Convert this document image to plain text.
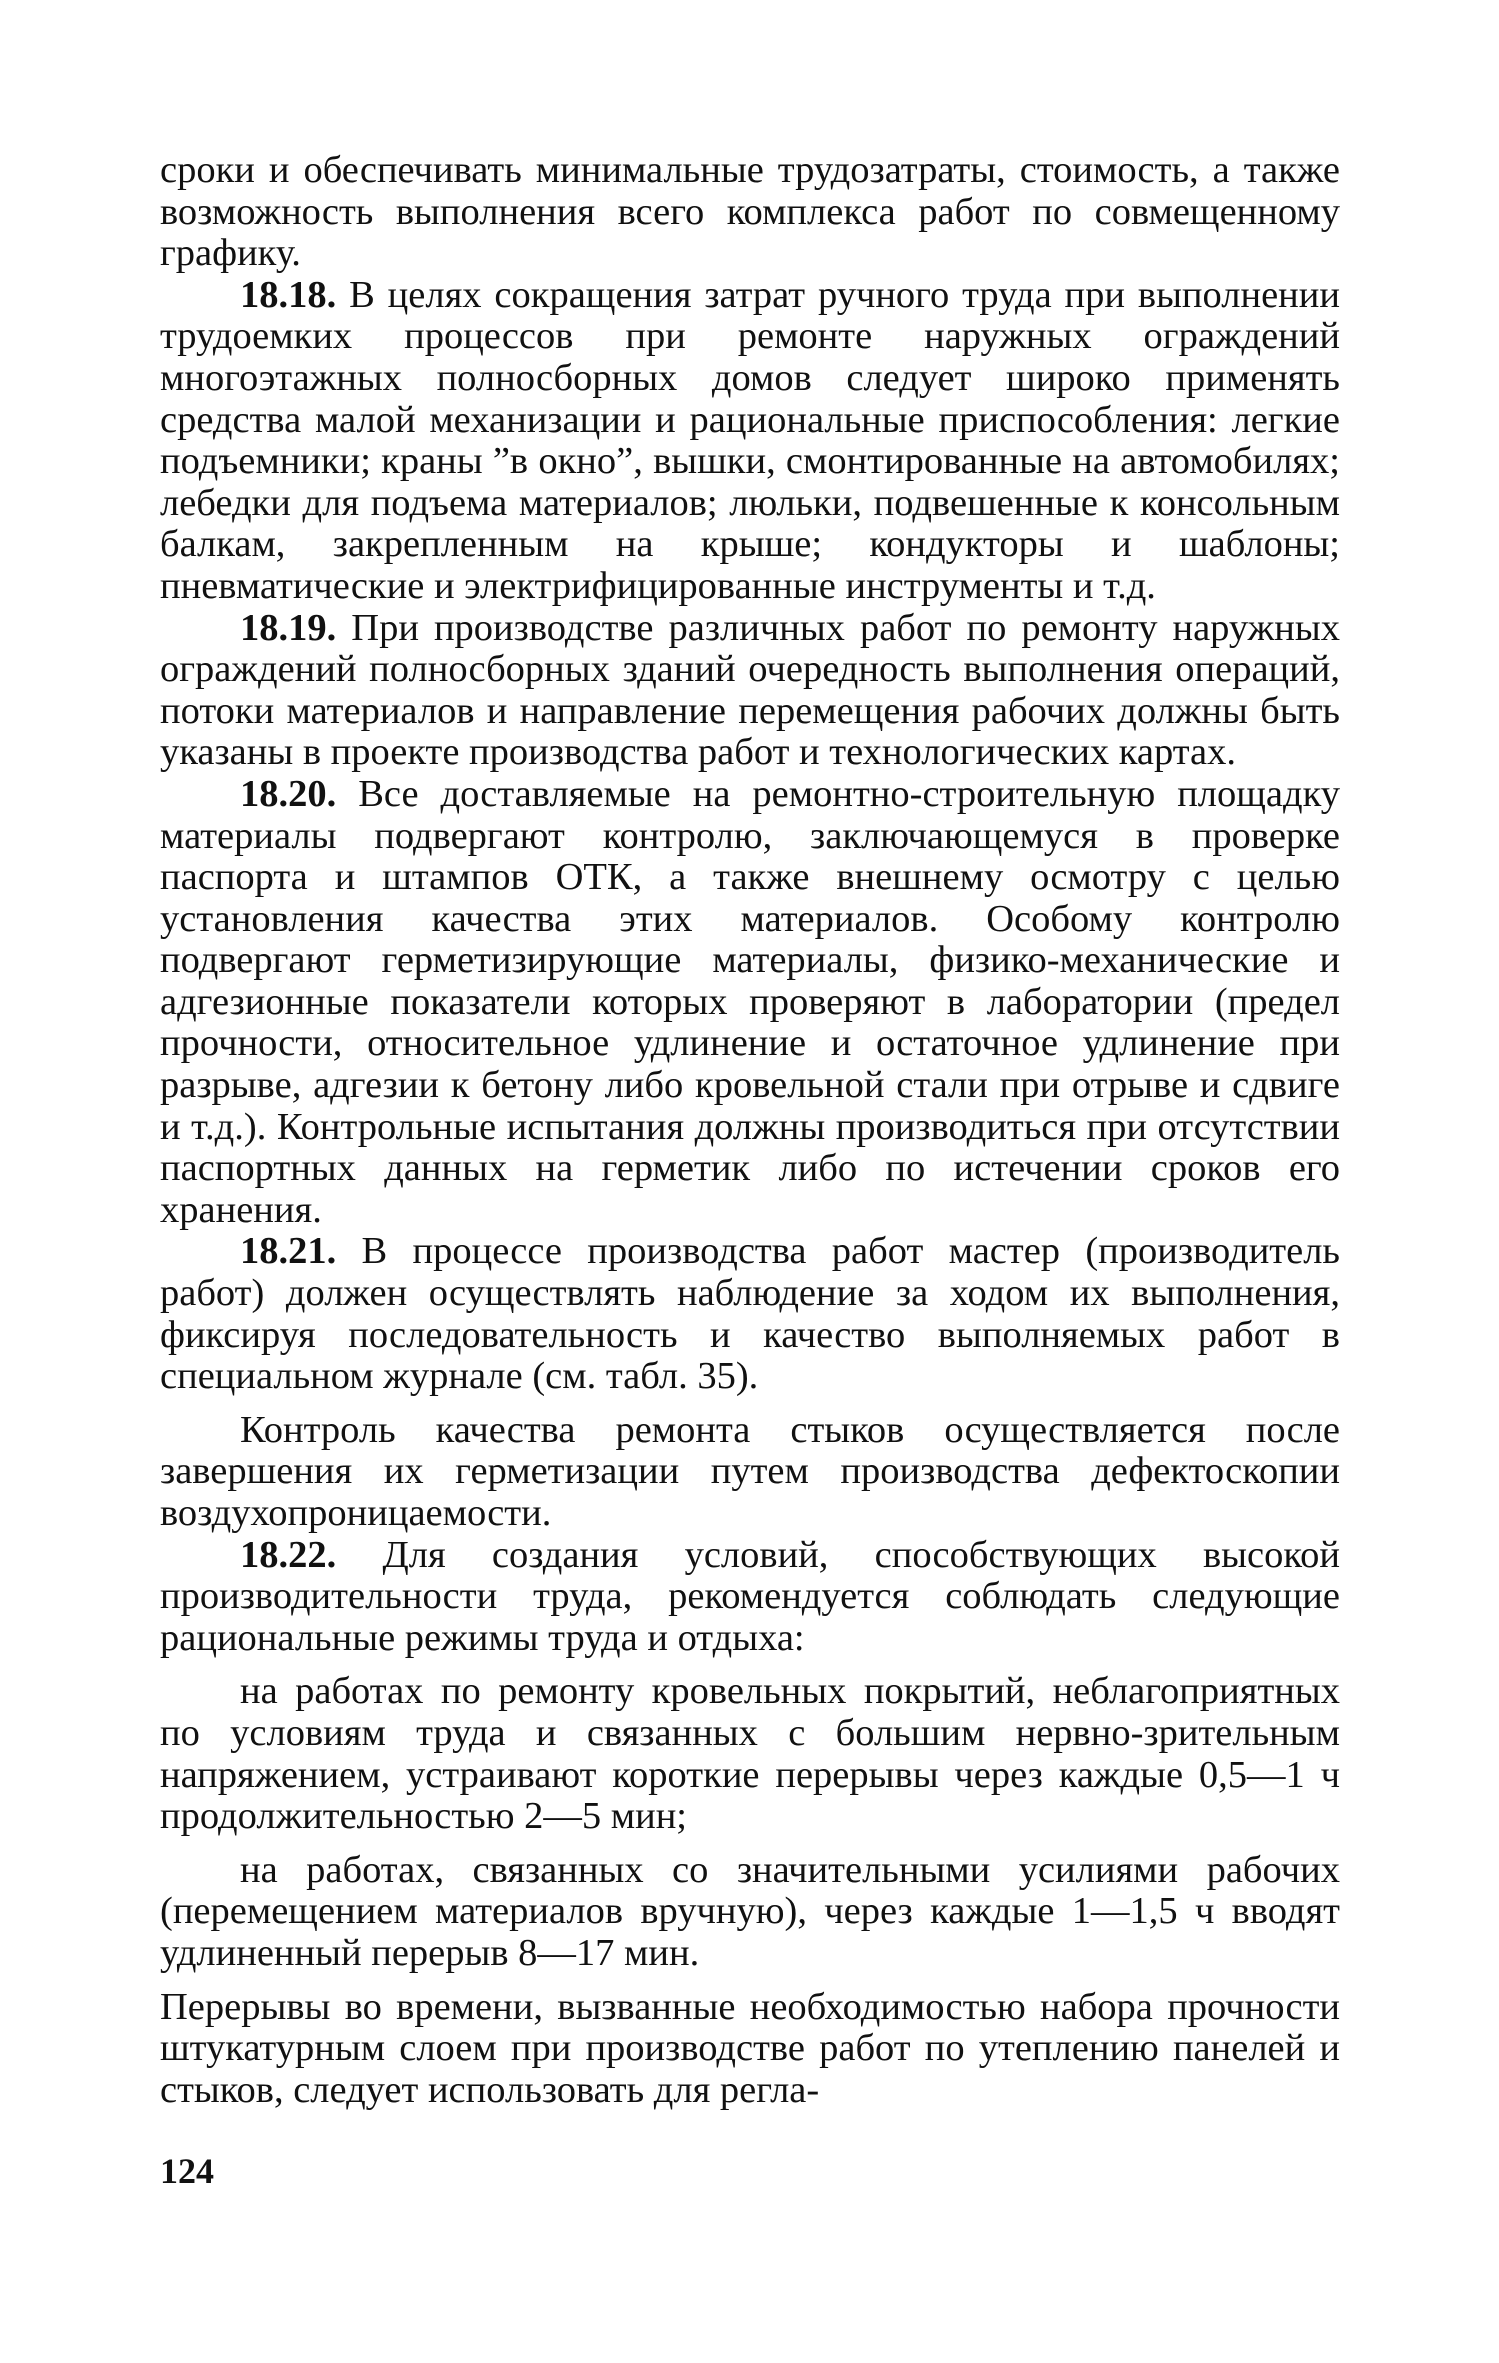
сроки и обеспечивать минимальные трудозатраты, стоимость, а также возможность выполнения всего комплекса работ по совмещенному графику.

18.18. В целях сокращения затрат ручного труда при выполнении трудоемких процессов при ремонте наружных ограждений многоэтажных полносборных домов следует широко применять средства малой механизации и рациональные приспособления: легкие подъемники; краны ”в окно”, вышки, смонтированные на автомобилях; лебедки для подъема материалов; люльки, подвешенные к консольным балкам, закрепленным на крыше; кондукторы и шаблоны; пневматические и электрифицированные инструменты и т.д.

18.19. При производстве различных работ по ремонту наружных ограждений полносборных зданий очередность выполнения операций, потоки материалов и направление перемещения рабочих должны быть указаны в проекте производства работ и технологических картах.

18.20. Все доставляемые на ремонтно-строительную площадку материалы подвергают контролю, заключающемуся в проверке паспорта и штампов ОТК, а также внешнему осмотру с целью установления качества этих материалов. Особому контролю подвергают герметизирующие материалы, физико-механические и адгезионные показатели которых проверяют в лаборатории (предел прочности, относительное удлинение и остаточное удлинение при разрыве, адгезии к бетону либо кровельной стали при отрыве и сдвиге и т.д.). Контрольные испытания должны производиться при отсутствии паспортных данных на герметик либо по истечении сроков его хранения.

18.21. В процессе производства работ мастер (производитель работ) должен осуществлять наблюдение за ходом их выполнения, фиксируя последовательность и качество выполняемых работ в специальном журнале (см. табл. 35).

Контроль качества ремонта стыков осуществляется после завершения их герметизации путем производства дефектоскопии воздухопроницаемости.

18.22. Для создания условий, способствующих высокой производительности труда, рекомендуется соблюдать следующие рациональные режимы труда и отдыха:

на работах по ремонту кровельных покрытий, неблагоприятных по условиям труда и связанных с большим нервно-зрительным напряжением, устраивают короткие перерывы через каждые 0,5—1 ч продолжительностью 2—5 мин;

на работах, связанных со значительными усилиями рабочих (перемещением материалов вручную), через каждые 1—1,5 ч вводят удлиненный перерыв 8—17 мин.

Перерывы во времени, вызванные необходимостью набора прочности штукатурным слоем при производстве работ по утеплению панелей и стыков, следует использовать для регла-

124
